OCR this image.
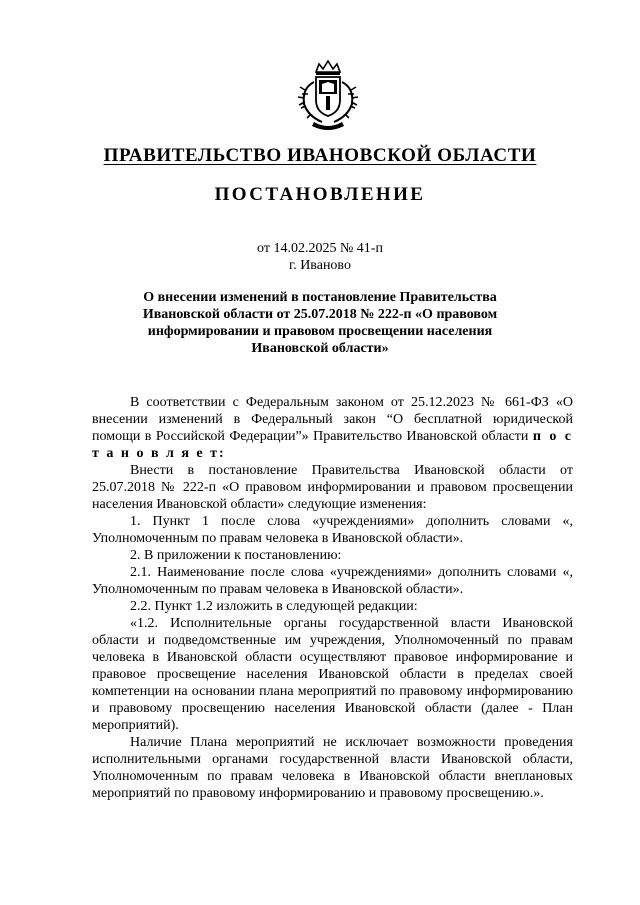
ПРАВИТЕЛЬСТВО ИВАНОВСКОЙ ОБЛАСТИ
ПОСТАНОВЛЕНИЕ
от 14.02.2025 № 41-п
г. Иваново
О внесении изменений в постановление Правительства Ивановской области от 25.07.2018 № 222-п «О правовом информировании и правовом просвещении населения Ивановской области»

В соответствии с Федеральным законом от 25.12.2023 № 661-ФЗ «О внесении изменений в Федеральный закон “О бесплатной юридической помощи в Российской Федерации”» Правительство Ивановской области п о с т а н о в л я е т:

Внести в постановление Правительства Ивановской области от 25.07.2018 № 222-п «О правовом информировании и правовом просвещении населения Ивановской области» следующие изменения:

1. Пункт 1 после слова «учреждениями» дополнить словами «, Уполномоченным по правам человека в Ивановской области».

2. В приложении к постановлению:

2.1. Наименование после слова «учреждениями» дополнить словами «, Уполномоченным по правам человека в Ивановской области».

2.2. Пункт 1.2 изложить в следующей редакции:

«1.2. Исполнительные органы государственной власти Ивановской области и подведомственные им учреждения, Уполномоченный по правам человека в Ивановской области осуществляют правовое информирование и правовое просвещение населения Ивановской области в пределах своей компетенции на основании плана мероприятий по правовому информированию и правовому просвещению населения Ивановской области (далее - План мероприятий).

Наличие Плана мероприятий не исключает возможности проведения исполнительными органами государственной власти Ивановской области, Уполномоченным по правам человека в Ивановской области внеплановых мероприятий по правовому информированию и правовому просвещению.».
